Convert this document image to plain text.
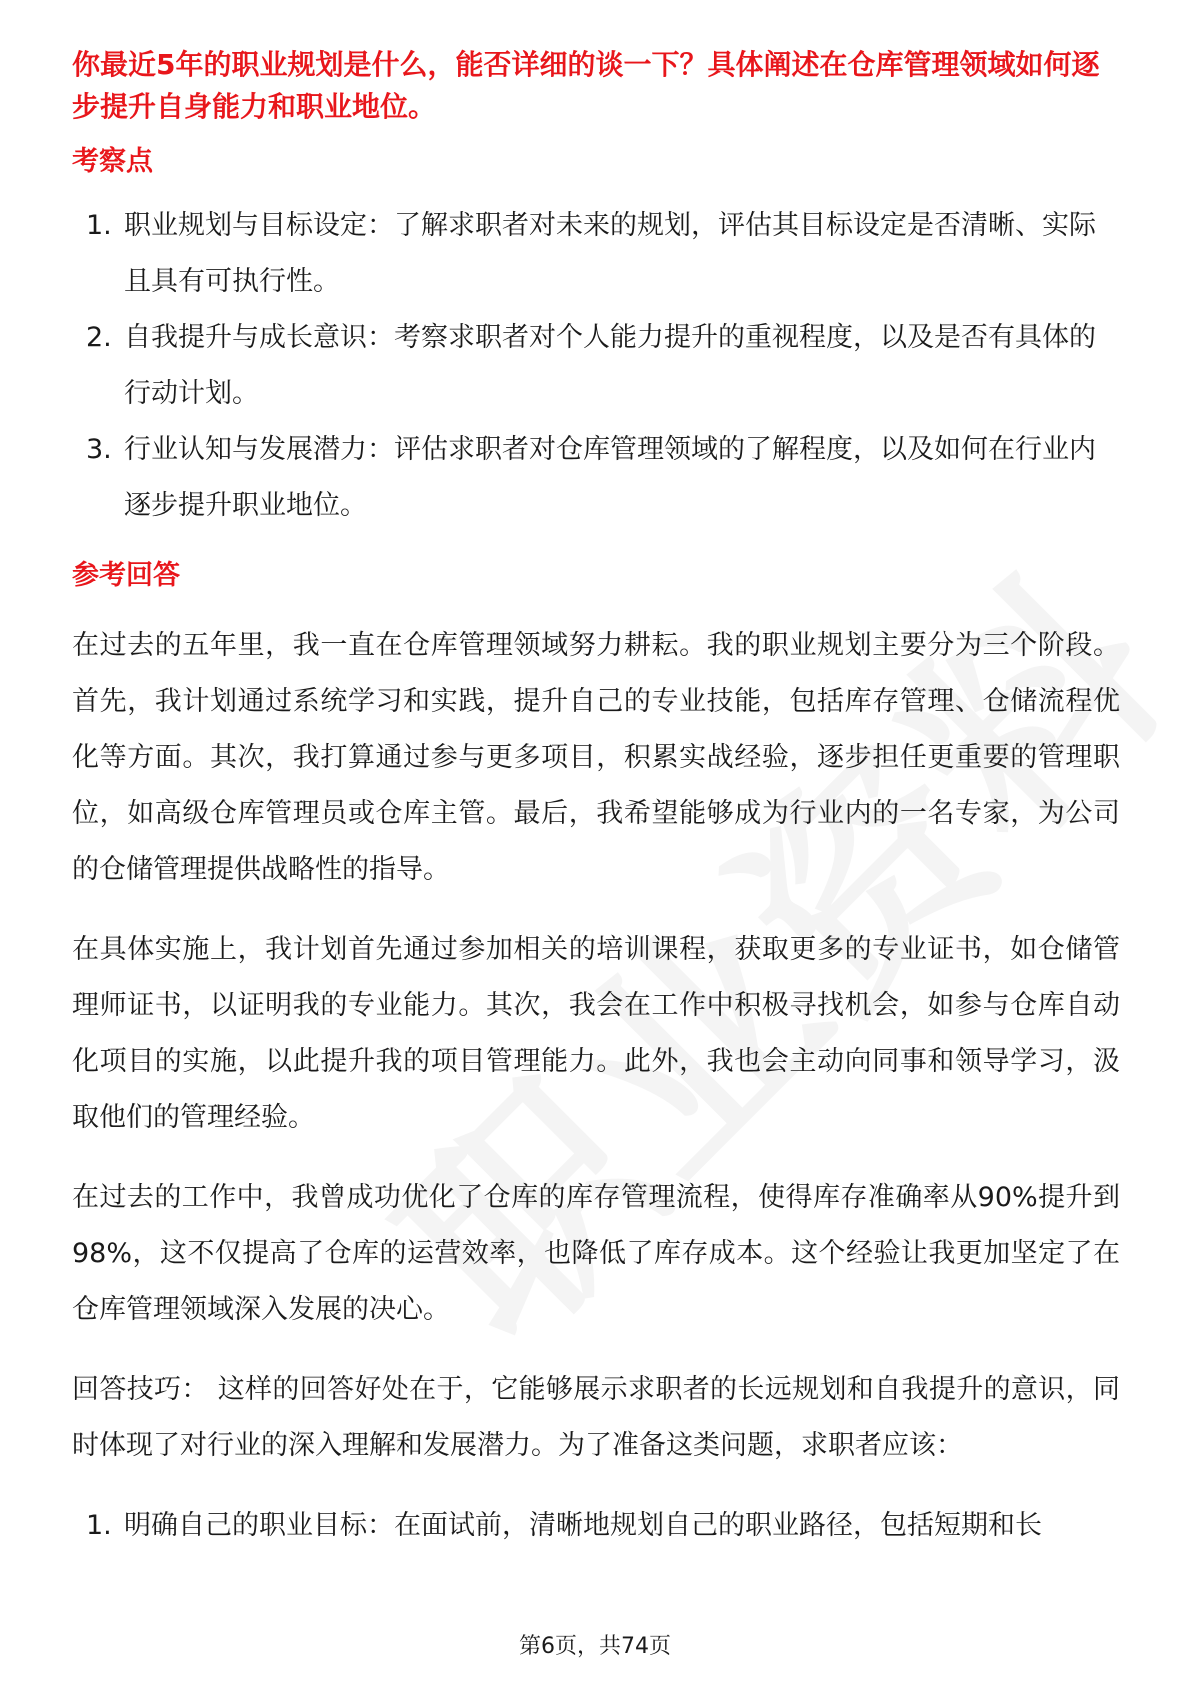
你最近5年的职业规划是什么，能否详细的谈一下？具体阐述在仓库管理领域如何逐步提升自身能力和职业地位。

考察点

1. 职业规划与目标设定：了解求职者对未来的规划，评估其目标设定是否清晰、实际且具有可执行性。
2. 自我提升与成长意识：考察求职者对个人能力提升的重视程度，以及是否有具体的行动计划。
3. 行业认知与发展潜力：评估求职者对仓库管理领域的了解程度，以及如何在行业内逐步提升职业地位。

参考回答

在过去的五年里，我一直在仓库管理领域努力耕耘。我的职业规划主要分为三个阶段。首先，我计划通过系统学习和实践，提升自己的专业技能，包括库存管理、仓储流程优化等方面。其次，我打算通过参与更多项目，积累实战经验，逐步担任更重要的管理职位，如高级仓库管理员或仓库主管。最后，我希望能够成为行业内的一名专家，为公司的仓储管理提供战略性的指导。

在具体实施上，我计划首先通过参加相关的培训课程，获取更多的专业证书，如仓储管理师证书，以证明我的专业能力。其次，我会在工作中积极寻找机会，如参与仓库自动化项目的实施，以此提升我的项目管理能力。此外，我也会主动向同事和领导学习，汲取他们的管理经验。

在过去的工作中，我曾成功优化了仓库的库存管理流程，使得库存准确率从90%提升到98%，这不仅提高了仓库的运营效率，也降低了库存成本。这个经验让我更加坚定了在仓库管理领域深入发展的决心。

回答技巧： 这样的回答好处在于，它能够展示求职者的长远规划和自我提升的意识，同时体现了对行业的深入理解和发展潜力。为了准备这类问题，求职者应该：

1. 明确自己的职业目标：在面试前，清晰地规划自己的职业路径，包括短期和长
第6页，共74页
